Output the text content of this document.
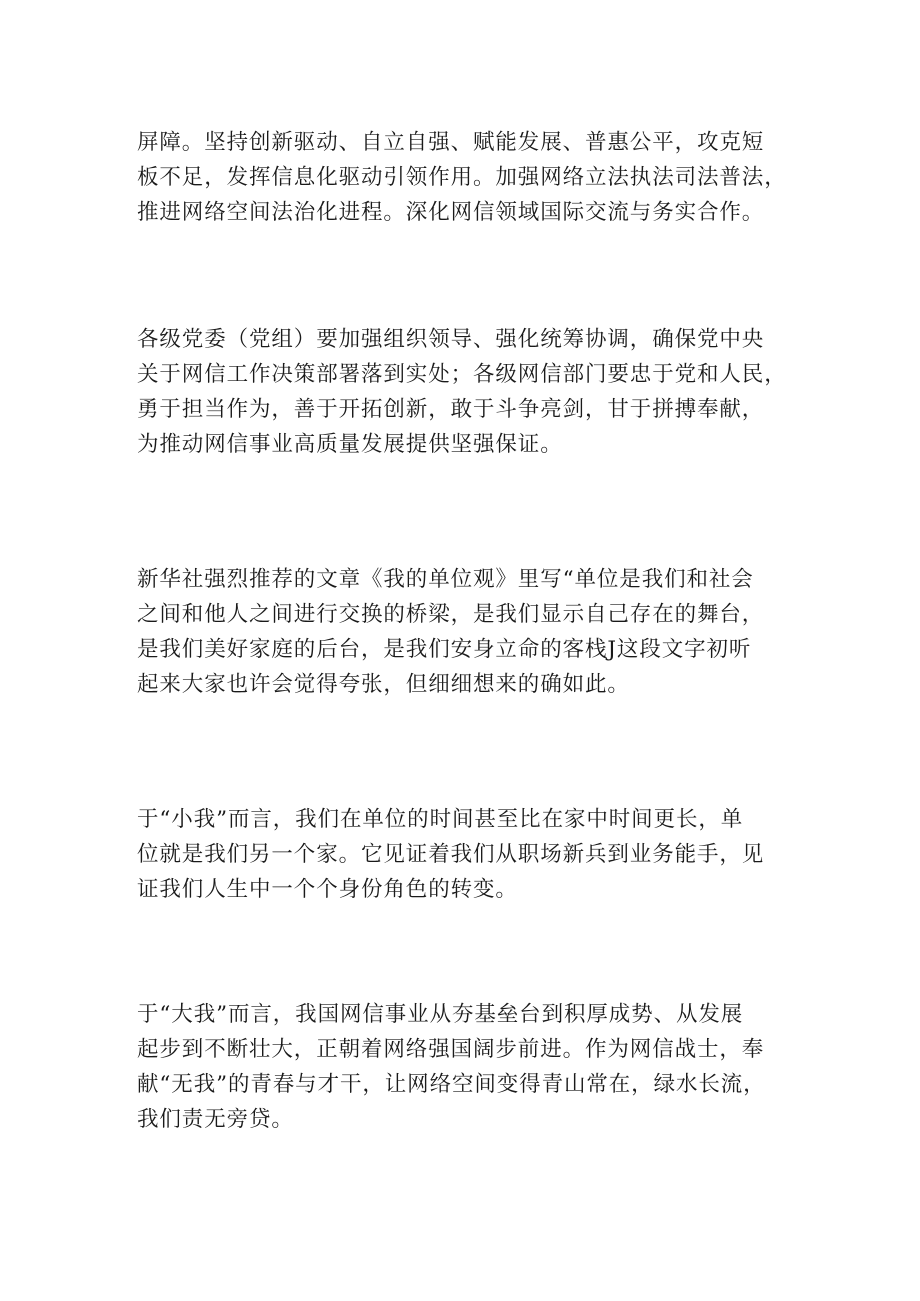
屏障。坚持创新驱动、自立自强、赋能发展、普惠公平，攻克短
板不足，发挥信息化驱动引领作用。加强网络立法执法司法普法，
推进网络空间法治化进程。深化网信领域国际交流与务实合作。
各级党委（党组）要加强组织领导、强化统筹协调，确保党中央
关于网信工作决策部署落到实处；各级网信部门要忠于党和人民，
勇于担当作为，善于开拓创新，敢于斗争亮剑，甘于拼搏奉献，
为推动网信事业高质量发展提供坚强保证。
新华社强烈推荐的文章《我的单位观》里写“单位是我们和社会
之间和他人之间进行交换的桥梁，是我们显示自己存在的舞台，
是我们美好家庭的后台，是我们安身立命的客栈J这段文字初听
起来大家也许会觉得夸张，但细细想来的确如此。
于“小我”而言，我们在单位的时间甚至比在家中时间更长，单
位就是我们另一个家。它见证着我们从职场新兵到业务能手，见
证我们人生中一个个身份角色的转变。
于“大我”而言，我国网信事业从夯基垒台到积厚成势、从发展
起步到不断壮大，正朝着网络强国阔步前进。作为网信战士，奉
献“无我”的青春与才干，让网络空间变得青山常在，绿水长流，
我们责无旁贷。
